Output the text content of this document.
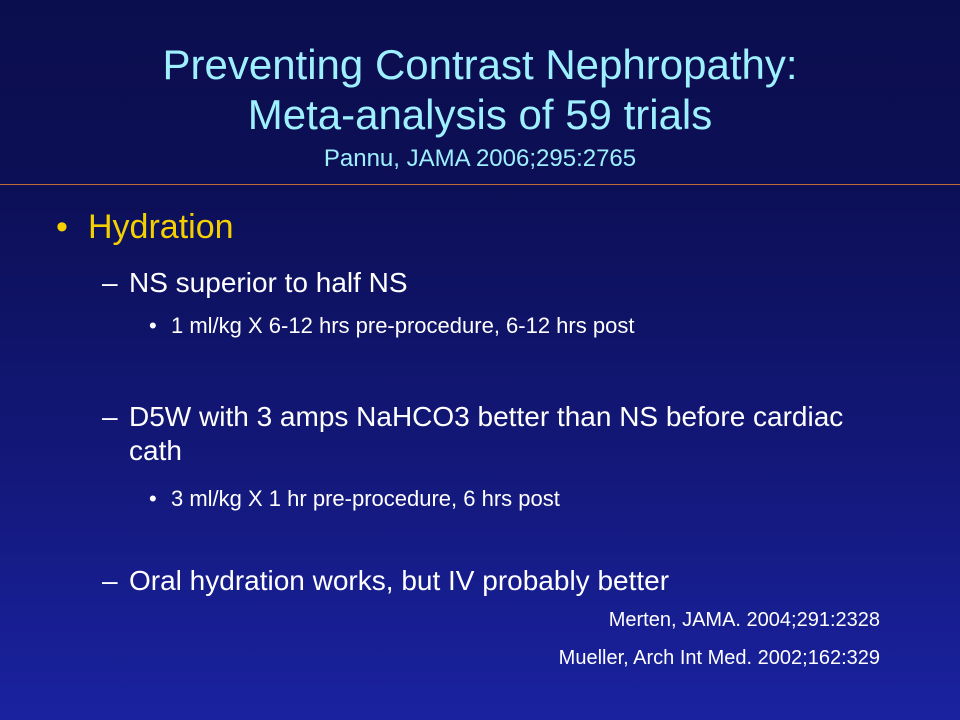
Preventing Contrast Nephropathy:
Meta-analysis of 59 trials
Pannu, JAMA 2006;295:2765
• Hydration
– NS superior to half NS
• 1 ml/kg X 6-12 hrs pre-procedure, 6-12 hrs post
– D5W with 3 amps NaHCO3 better than NS before cardiac cath
• 3 ml/kg X 1 hr pre-procedure, 6 hrs post
– Oral hydration works, but IV probably better
Merten, JAMA. 2004;291:2328
Mueller, Arch Int Med. 2002;162:329
